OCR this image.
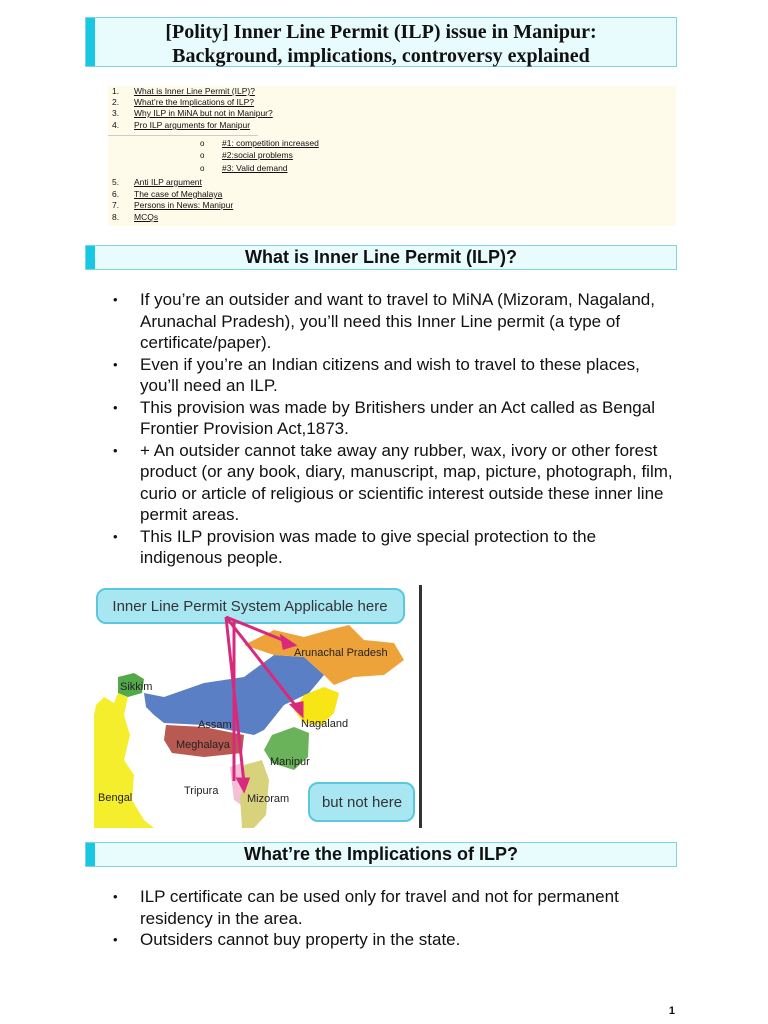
[Polity] Inner Line Permit (ILP) issue in Manipur:
Background, implications, controversy explained
1. What is Inner Line Permit (ILP)?
2. What’re the Implications of ILP?
3. Why ILP in MiNA but not in Manipur?
4. Pro ILP arguments for Manipur
o #1: competition increased
o #2:social problems
o #3: Valid demand
5. Anti ILP argument
6. The case of Meghalaya
7. Persons in News: Manipur
8. MCQs
What is Inner Line Permit (ILP)?
• If you’re an outsider and want to travel to MiNA (Mizoram, Nagaland, Arunachal Pradesh), you’ll need this Inner Line permit (a type of certificate/paper).
• Even if you’re an Indian citizens and wish to travel to these places, you’ll need an ILP.
• This provision was made by Britishers under an Act called as Bengal Frontier Provision Act,1873.
• + An outsider cannot take away any rubber, wax, ivory or other forest product (or any book, diary, manuscript, map, picture, photograph, film, curio or article of religious or scientific interest outside these inner line permit areas.
• This ILP provision was made to give special protection to the indigenous people.
Inner Line Permit System Applicable here
but not here
Arunachal Pradesh
Sikkim
Assam	Nagaland
Meghalaya
Manipur
Tripura
Mizoram
Bengal
What’re the Implications of ILP?
• ILP certificate can be used only for travel and not for permanent residency in the area.
• Outsiders cannot buy property in the state.
1
